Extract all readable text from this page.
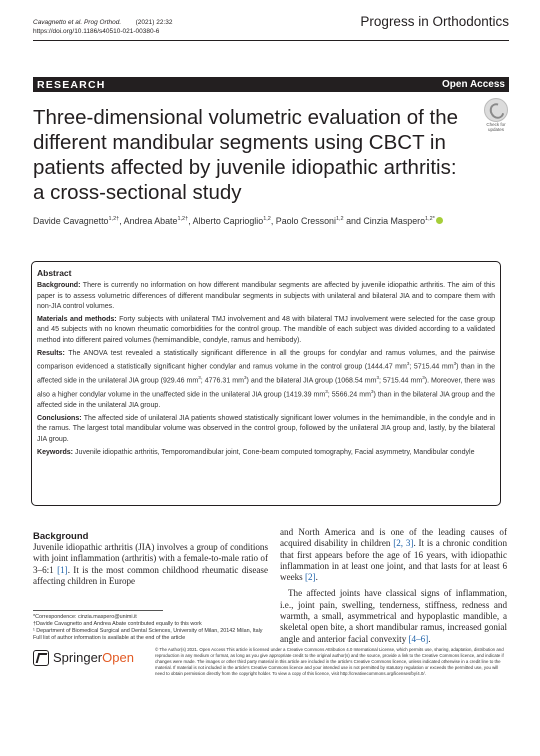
Cavagnetto et al. Prog Orthod. (2021) 22:32
https://doi.org/10.1186/s40510-021-00380-6
Progress in Orthodontics
RESEARCH	Open Access
Three-dimensional volumetric evaluation of the different mandibular segments using CBCT in patients affected by juvenile idiopathic arthritis: a cross-sectional study
Check for
updates
Davide Cavagnetto$^{1,2\dagger}$, Andrea Abate$^{1,2\dagger}$, Alberto Caprioglio$^{1,2}$, Paolo Cressoni$^{1,2}$ and Cinzia Maspero$^{1,2*}$
Abstract

Background: There is currently no information on how different mandibular segments are affected by juvenile idiopathic arthritis. The aim of this paper is to assess volumetric differences of different mandibular segments in subjects with unilateral and bilateral JIA and to compare them with non-JIA control volumes.

Materials and methods: Forty subjects with unilateral TMJ involvement and 48 with bilateral TMJ involvement were selected for the case group and 45 subjects with no known rheumatic comorbidities for the control group. The mandible of each subject was divided according to a validated method into different paired volumes (hemimandible, condyle, ramus and hemibody).

Results: The ANOVA test revealed a statistically significant difference in all the groups for condylar and ramus volumes, and the pairwise comparison evidenced a statistically significant higher condylar and ramus volume in the control group (1444.47 $mm^3$; 5715.44 $mm^3$) than in the affected side in the unilateral JIA group (929.46 $mm^3$; 4776.31 $mm^3$) and the bilateral JIA group (1068.54 $mm^3$; 5715.44 $mm^3$). Moreover, there was also a higher condylar volume in the unaffected side in the unilateral JIA group (1419.39 $mm^3$; 5566.24 $mm^3$) than in the bilateral JIA group and the affected side in the unilateral JIA group.

Conclusions: The affected side of unilateral JIA patients showed statistically significant lower volumes in the hemimandible, in the condyle and in the ramus. The largest total mandibular volume was observed in the control group, followed by the unilateral JIA group and, lastly, by the bilateral JIA group.

Keywords: Juvenile idiopathic arthritis, Temporomandibular joint, Cone-beam computed tomography, Facial asymmetry, Mandibular condyle

Background

Juvenile idiopathic arthritis (JIA) involves a group of conditions with joint inflammation (arthritis) with a female-to-male ratio of 3–6:1 [1]. It is the most common childhood rheumatic disease affecting children in Europe

*Correspondence: cinzia.maspero@unimi.it

†Davide Cavagnetto and Andrea Abate contributed equally to this work

¹ Department of Biomedical Surgical and Dental Sciences, University of Milan, 20142 Milan, Italy

Full list of author information is available at the end of the article

and North America and is one of the leading causes of acquired disability in children [2, 3]. It is a chronic condition that first appears before the age of 16 years, with idiopathic inflammation in at least one joint, and that lasts for at least 6 weeks [2].

The affected joints have classical signs of inflammation, i.e., joint pain, swelling, tenderness, stiffness, redness and warmth, a small, asymmetrical and hypoplastic mandible, a skeletal open bite, a short mandibular ramus, increased gonial angle and anterior facial convexity [4–6].

SpringerOpen
© The Author(s) 2021. Open Access This article is licensed under a Creative Commons Attribution 4.0 International License, which permits use, sharing, adaptation, distribution and reproduction in any medium or format, as long as you give appropriate credit to the original author(s) and the source, provide a link to the Creative Commons licence, and indicate if changes were made. The images or other third party material in this article are included in the article's Creative Commons licence, unless indicated otherwise in a credit line to the material. If material is not included in the article's Creative Commons licence and your intended use is not permitted by statutory regulation or exceeds the permitted use, you will need to obtain permission directly from the copyright holder. To view a copy of this licence, visit http://creativecommons.org/licenses/by/4.0/.
